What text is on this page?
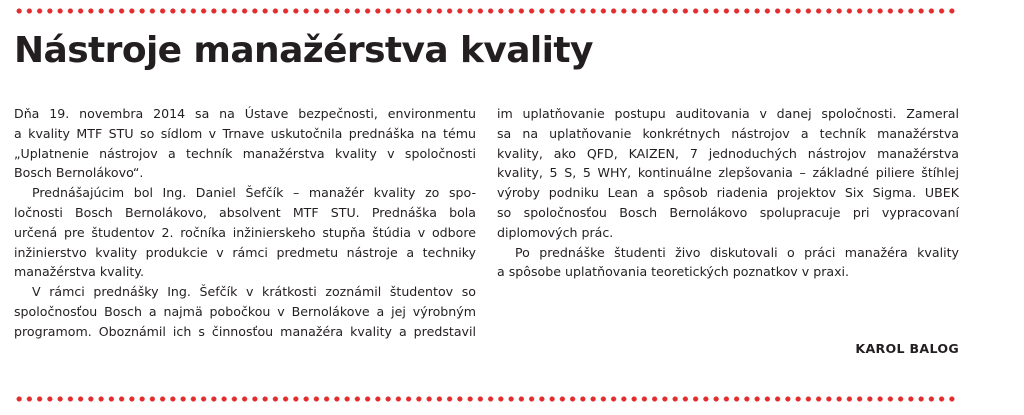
Nástroje manažérstva kvality
Dňa 19. novembra 2014 sa na Ústave bezpečnosti, environmentu
a kvality MTF STU so sídlom v Trnave uskutočnila prednáška na tému
„Uplatnenie nástrojov a techník manažérstva kvality v spoločnosti
Bosch Bernolákovo“.
Prednášajúcim bol Ing. Daniel Šefčík – manažér kvality zo spo-
ločnosti Bosch Bernolákovo, absolvent MTF STU. Prednáška bola
určená pre študentov 2. ročníka inžinierskeho stupňa štúdia v odbore
inžinierstvo kvality produkcie v rámci predmetu nástroje a techniky
manažérstva kvality.
V rámci prednášky Ing. Šefčík v krátkosti zoznámil študentov so
spoločnosťou Bosch a najmä pobočkou v Bernolákove a jej výrobným
programom. Oboznámil ich s činnosťou manažéra kvality a predstavil
im uplatňovanie postupu auditovania v danej spoločnosti. Zameral
sa na uplatňovanie konkrétnych nástrojov a techník manažérstva
kvality, ako QFD, KAIZEN, 7 jednoduchých nástrojov manažérstva
kvality, 5 S, 5 WHY, kontinuálne zlepšovania – základné piliere štíhlej
výroby podniku Lean a spôsob riadenia projektov Six Sigma. UBEK
so spoločnosťou Bosch Bernolákovo spolupracuje pri vypracovaní
diplomových prác.
Po prednáške študenti živo diskutovali o práci manažéra kvality
a spôsobe uplatňovania teoretických poznatkov v praxi.
KAROL BALOG
